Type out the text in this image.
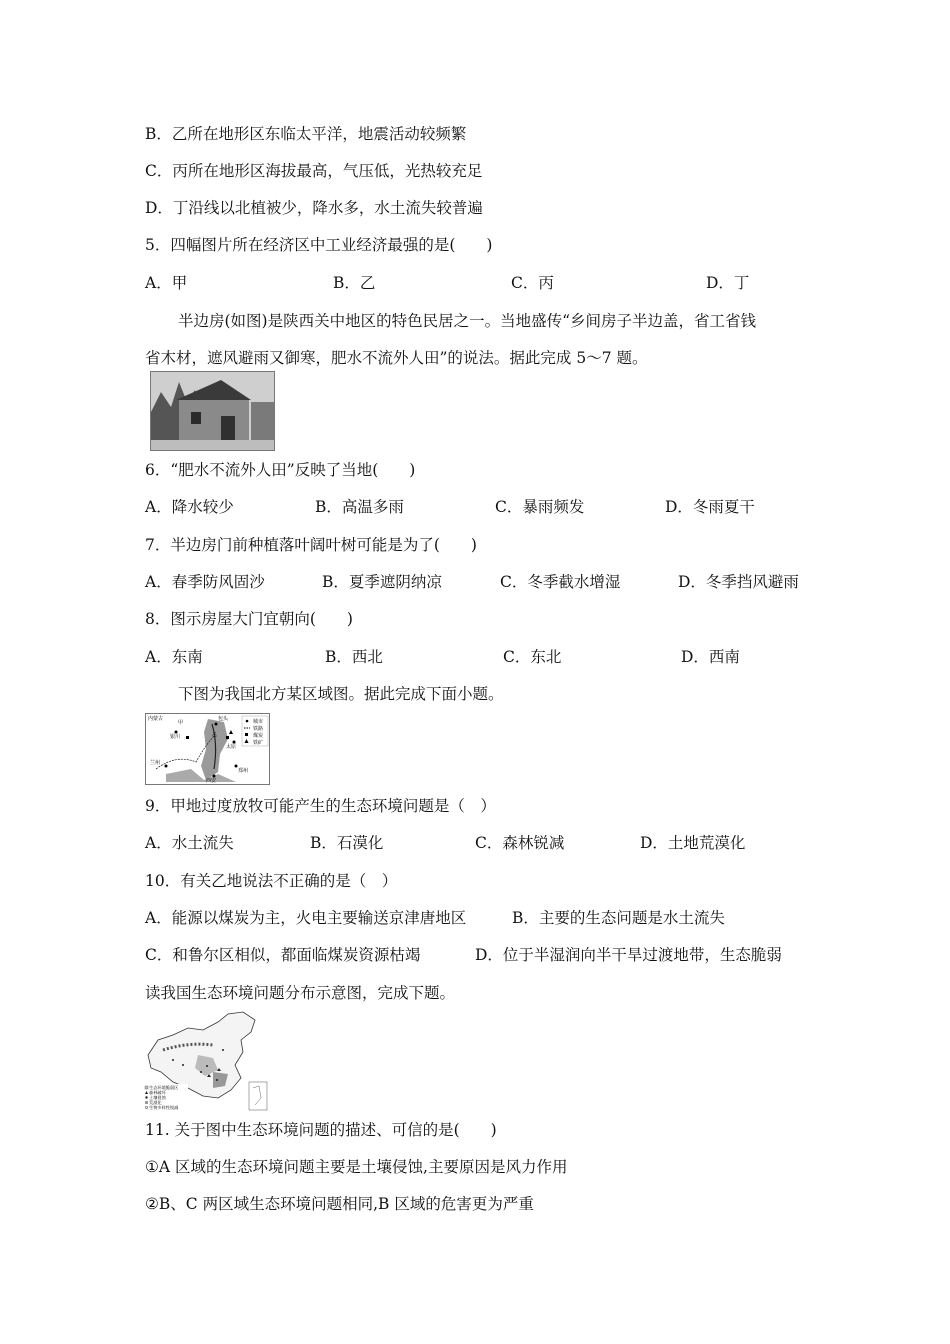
B．乙所在地形区东临太平洋，地震活动较频繁
C．丙所在地形区海拔最高，气压低，光热较充足
D．丁沿线以北植被少，降水多，水土流失较普遍
5．四幅图片所在经济区中工业经济最强的是(　　)
A．甲	B．乙	C．丙	D．丁
半边房(如图)是陕西关中地区的特色民居之一。当地盛传“乡间房子半边盖，省工省钱
省木材，遮风避雨又御寒，肥水不流外人田”的说法。据此完成 5～7 题。
6．“肥水不流外人田”反映了当地(　　)
A．降水较少	B．高温多雨	C．暴雨频发	D．冬雨夏干
7．半边房门前种植落叶阔叶树可能是为了(　　)
A．春季防风固沙	B．夏季遮阴纳凉	C．冬季截水增湿	D．冬季挡风避雨
8．图示房屋大门宜朝向(　　)
A．东南	B．西北	C．东北	D．西南
下图为我国北方某区域图。据此完成下面小题。
内蒙古
甲
包头
银川	乙
太原
兰州
郑州
西安
城市
铁路
煤炭
铁矿
9．甲地过度放牧可能产生的生态环境问题是（　）
A．水土流失	B．石漠化	C．森林锐减	D．土地荒漠化
10．有关乙地说法不正确的是（　）
A．能源以煤炭为主，火电主要输送京津唐地区	B．主要的生态问题是水土流失
C．和鲁尔区相似，都面临煤炭资源枯竭	D．位于半湿润向半干旱过渡地带，生态脆弱
读我国生态环境问题分布示意图，完成下题。
生态环境脆弱区
森林破坏
土壤侵蚀
荒漠化
生物多样性锐减
11. 关于图中生态环境问题的描述、可信的是(　　)
①A 区域的生态环境问题主要是土壤侵蚀,主要原因是风力作用
②B、C 两区域生态环境问题相同,B 区域的危害更为严重
